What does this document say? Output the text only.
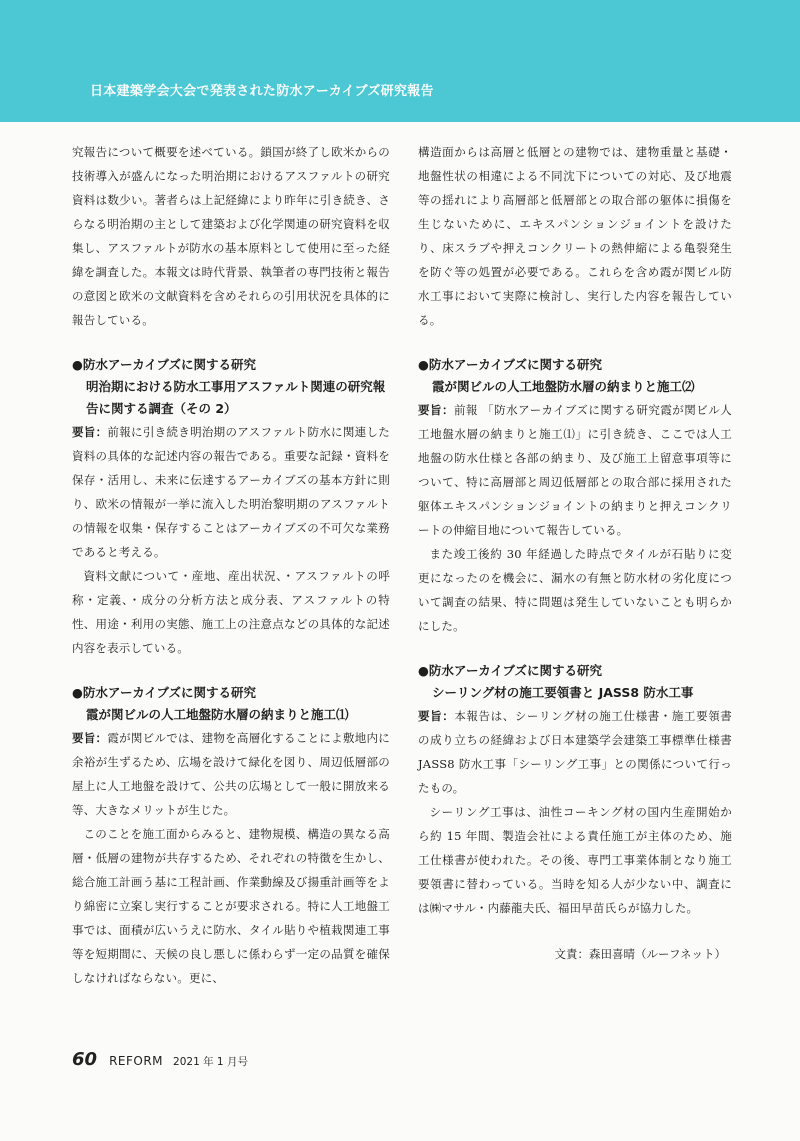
日本建築学会大会で発表された防水アーカイブズ研究報告

究報告について概要を述べている。鎖国が終了し欧米からの技術導入が盛んになった明治期におけるアスファルトの研究資料は数少い。著者らは上記経緯により昨年に引き続き、さらなる明治期の主として建築および化学関連の研究資料を収集し、アスファルトが防水の基本原料として使用に至った経緯を調査した。本報文は時代背景、執筆者の専門技術と報告の意図と欧米の文献資料を含めそれらの引用状況を具体的に報告している。

●防水アーカイブズに関する研究

明治期における防水工事用アスファルト関連の研究報告に関する調査（その 2）

要旨：前報に引き続き明治期のアスファルト防水に関連した資料の具体的な記述内容の報告である。重要な記録・資料を保存・活用し、未来に伝達するアーカイブズの基本方針に則り、欧米の情報が一挙に流入した明治黎明期のアスファルトの情報を収集・保存することはアーカイブズの不可欠な業務であると考える。

資料文献について・産地、産出状況、・アスファルトの呼称・定義、・成分の分析方法と成分表、アスファルトの特性、用途・利用の実態、施工上の注意点などの具体的な記述内容を表示している。

●防水アーカイブズに関する研究

霞が関ビルの人工地盤防水層の納まりと施工⑴

要旨：霞が関ビルでは、建物を高層化することによ敷地内に余裕が生ずるため、広場を設けて緑化を図り、周辺低層部の屋上に人工地盤を設けて、公共の広場として一般に開放来る等、大きなメリットが生じた。

このことを施工面からみると、建物規模、構造の異なる高層・低層の建物が共存するため、それぞれの特徴を生かし、総合施工計画う基に工程計画、作業動線及び揚重計画等をより綿密に立案し実行することが要求される。特に人工地盤工事では、面積が広いうえに防水、タイル貼りや植栽関連工事等を短期間に、天候の良し悪しに係わらず一定の品質を確保しなければならない。更に、

構造面からは高層と低層との建物では、建物重量と基礎・地盤性状の相違による不同沈下についての対応、及び地震等の揺れにより高層部と低層部との取合部の躯体に損傷を生じないために、エキスパンションジョイントを設けたり、床スラブや押えコンクリートの熱伸縮による亀裂発生を防ぐ等の処置が必要である。これらを含め霞が関ビル防水工事において実際に検討し、実行した内容を報告している。

●防水アーカイブズに関する研究

霞が関ビルの人工地盤防水層の納まりと施工⑵

要旨：前報 「防水アーカイブズに関する研究霞が関ビル人工地盤水層の納まりと施工⑴」に引き続き、ここでは人工地盤の防水仕様と各部の納まり、及び施工上留意事項等について、特に高層部と周辺低層部との取合部に採用された躯体エキスパンションジョイントの納まりと押えコンクリートの伸縮目地について報告している。

また竣工後約 30 年経過した時点でタイルが石貼りに変更になったのを機会に、漏水の有無と防水材の劣化度について調査の結果、特に問題は発生していないことも明らかにした。

●防水アーカイブズに関する研究

シーリング材の施工要領書と JASS8 防水工事

要旨：本報告は、シーリング材の施工仕様書・施工要領書の成り立ちの経緯および日本建築学会建築工事標準仕様書 JASS8 防水工事「シーリング工事」との関係について行ったもの。

シーリング工事は、油性コーキング材の国内生産開始から約 15 年間、製造会社による責任施工が主体のため、施工仕様書が使われた。その後、専門工事業体制となり施工要領書に替わっている。当時を知る人が少ない中、調査には㈱マサル・内藤龍夫氏、福田早苗氏らが協力した。

文責：森田喜晴（ルーフネット）
60 REFORM 2021 年 1 月号
